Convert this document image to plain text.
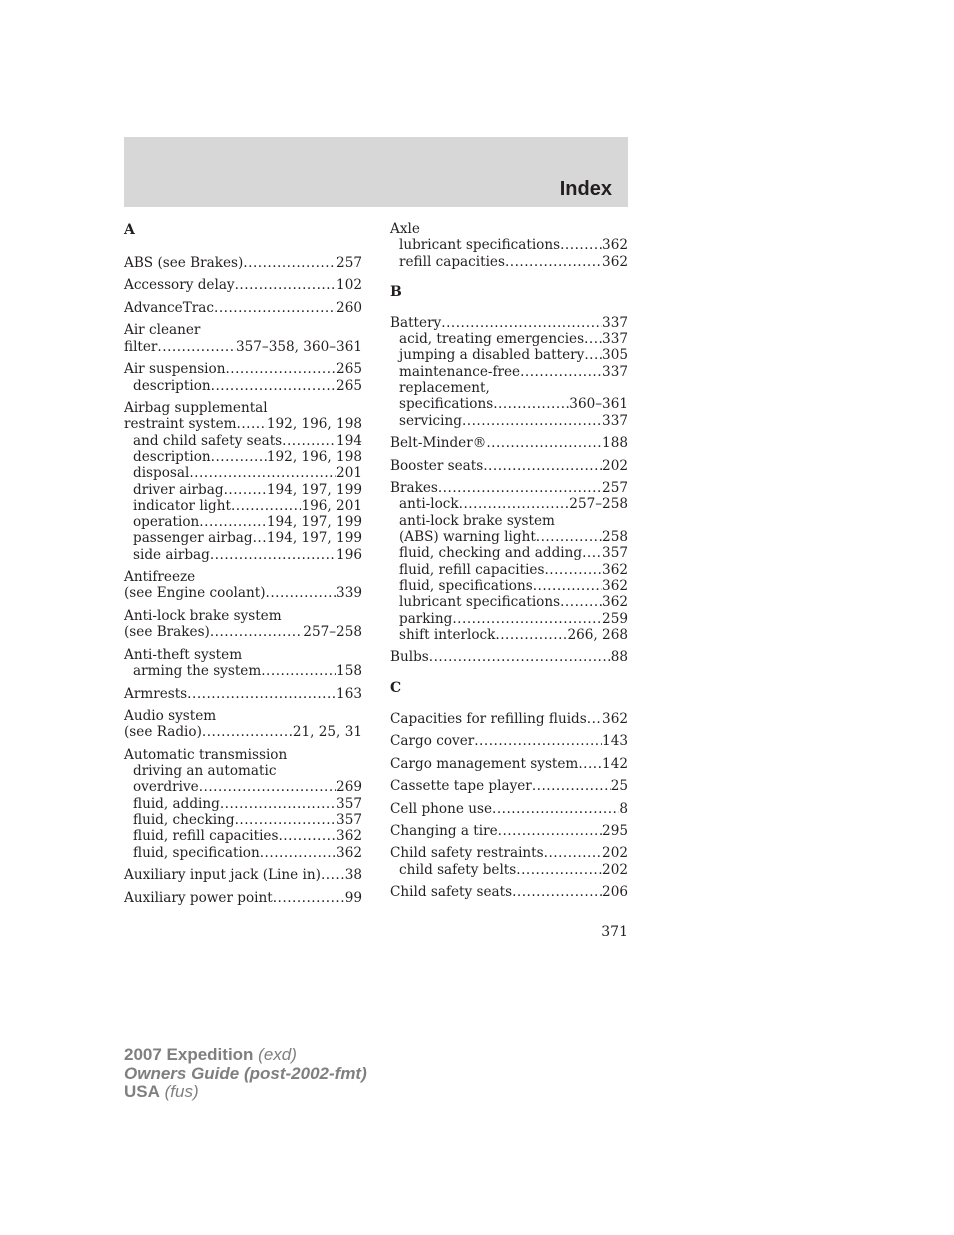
Index
A
ABS (see Brakes) .....	257
Accessory delay .....	102
AdvanceTrac .....	260
Air cleaner
filter .....	357–358, 360–361
Air suspension .....	265
description .....	265
Airbag supplemental
restraint system ..... 192, 196, 198
and child safety seats .....	194
description .....	192, 196, 198
disposal .....	201
driver airbag .....	194, 197, 199
indicator light .....	196, 201
operation .....	194, 197, 199
passenger airbag ..... 194, 197, 199
side airbag .....	196
Antifreeze
(see Engine coolant) .....	339
Anti-lock brake system
(see Brakes) .....	257–258
Anti-theft system
arming the system .....	158
Armrests .....	163
Audio system
(see Radio) .....	21, 25, 31
Automatic transmission
driving an automatic
overdrive .....	269
fluid, adding .....	357
fluid, checking .....	357
fluid, refill capacities .....	362
fluid, specification .....	362
Auxiliary input jack (Line in) ..... 38
Auxiliary power point .....	99
Axle
lubricant specifications .....	362
refill capacities .....	362
B
Battery .....	337
acid, treating emergencies ..... 337
jumping a disabled battery ..... 305
maintenance-free .....	337
replacement,
specifications .....	360–361
servicing .....	337
Belt-Minder® .....	188
Booster seats .....	202
Brakes .....	257
anti-lock .....	257–258
anti-lock brake system
(ABS) warning light .....	258
fluid, checking and adding ..... 357
fluid, refill capacities .....	362
fluid, specifications .....	362
lubricant specifications .....	362
parking .....	259
shift interlock .....	266, 268
Bulbs .....	88
C
Capacities for refilling fluids ..... 362
Cargo cover .....	143
Cargo management system ..... 142
Cassette tape player .....	25
Cell phone use .....	8
Changing a tire .....	295
Child safety restraints .....	202
child safety belts .....	202
Child safety seats .....	206
371
2007 Expedition (exd)
Owners Guide (post-2002-fmt)
USA (fus)
